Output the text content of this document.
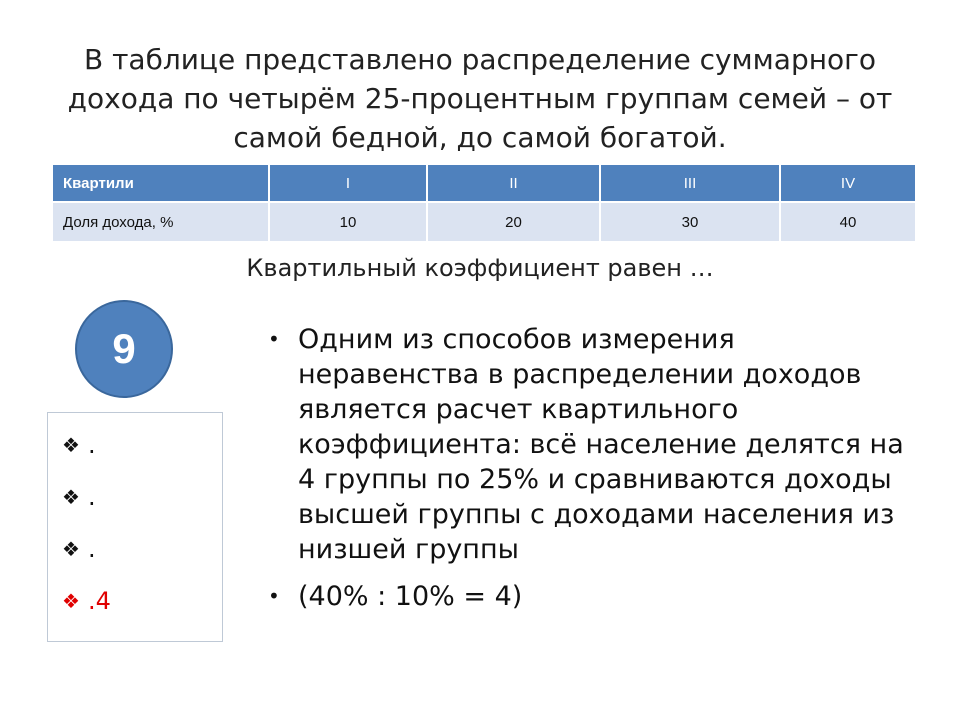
В таблице представлено распределение суммарного дохода по четырём 25-процентным группам семей – от самой бедной, до самой богатой.
Квартили	I	II	III	IV
Доля дохода, %	10	20	30	40
Квартильный коэффициент равен …
9
❖ .
❖ .
❖ .
❖ .4
• Одним из способов измерения неравенства в распределении доходов является расчет квартильного коэффициента: всё население делятся на 4 группы по 25% и сравниваются доходы высшей группы с доходами населения из низшей группы
• (40% : 10% = 4)
